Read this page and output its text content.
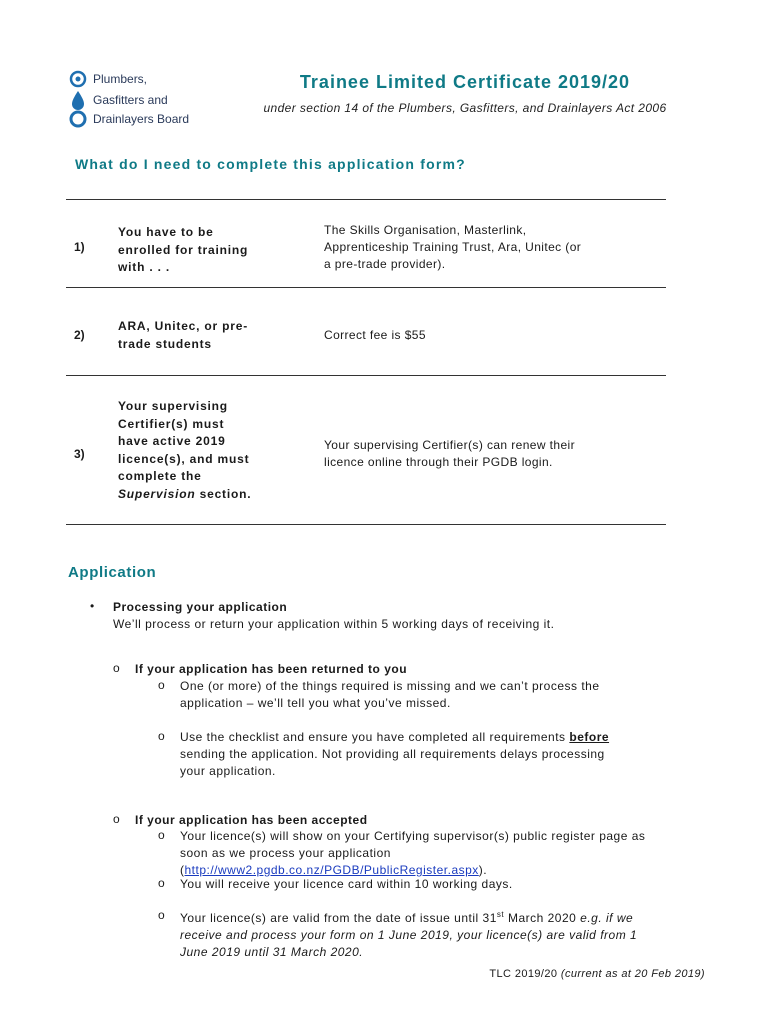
Plumbers,
Gasfitters and
Drainlayers Board
Trainee Limited Certificate 2019/20
under section 14 of the Plumbers, Gasfitters, and Drainlayers Act 2006
What do I need to complete this application form?
1)
You have to be
enrolled for training
with . . .
The Skills Organisation, Masterlink,
Apprenticeship Training Trust, Ara, Unitec (or
a pre-trade provider).
2)
ARA, Unitec, or pre-
trade students
Correct fee is $55
3)
Your supervising
Certifier(s) must
have active 2019
licence(s), and must
complete the
Supervision section.
Your supervising Certifier(s) can renew their
licence online through their PGDB login.
Application
• Processing your application
We’ll process or return your application within 5 working days of receiving it.
o If your application has been returned to you
o One (or more) of the things required is missing and we can’t process the
application – we’ll tell you what you’ve missed.
o Use the checklist and ensure you have completed all requirements before
sending the application. Not providing all requirements delays processing
your application.
o If your application has been accepted
o Your licence(s) will show on your Certifying supervisor(s) public register page as
soon as we process your application
(http://www2.pgdb.co.nz/PGDB/PublicRegister.aspx).
o You will receive your licence card within 10 working days.
o Your licence(s) are valid from the date of issue until 31st March 2020 e.g. if we
receive and process your form on 1 June 2019, your licence(s) are valid from 1
June 2019 until 31 March 2020.
TLC 2019/20 (current as at 20 Feb 2019)
